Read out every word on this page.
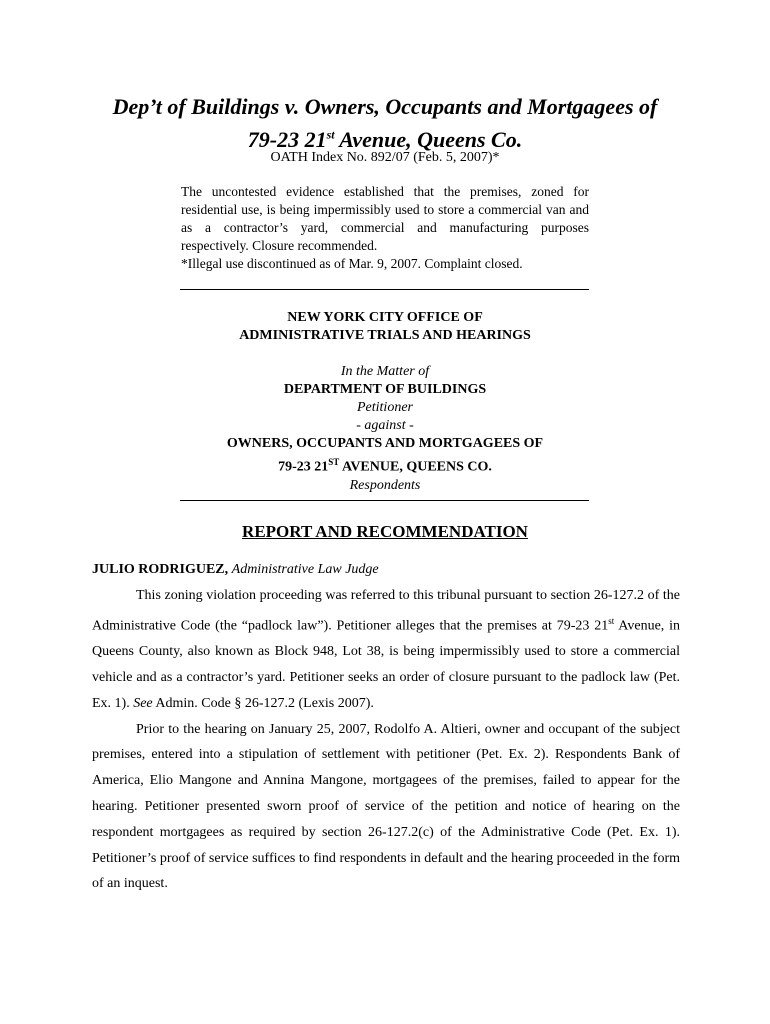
Dep’t of Buildings v. Owners, Occupants and Mortgagees of
79-23 21st Avenue, Queens Co.

OATH Index No. 892/07 (Feb. 5, 2007)*

The uncontested evidence established that the premises, zoned for residential use, is being impermissibly used to store a commercial van and as a contractor’s yard, commercial and manufacturing purposes respectively. Closure recommended.

*Illegal use discontinued as of Mar. 9, 2007. Complaint closed.

NEW YORK CITY OFFICE OF

ADMINISTRATIVE TRIALS AND HEARINGS

In the Matter of

DEPARTMENT OF BUILDINGS

Petitioner

- against -

OWNERS, OCCUPANTS AND MORTGAGEES OF

79-23 21ST AVENUE, QUEENS CO.

Respondents

REPORT AND RECOMMENDATION

JULIO RODRIGUEZ, Administrative Law Judge

This zoning violation proceeding was referred to this tribunal pursuant to section 26-127.2 of the Administrative Code (the “padlock law”). Petitioner alleges that the premises at 79-23 21st Avenue, in Queens County, also known as Block 948, Lot 38, is being impermissibly used to store a commercial vehicle and as a contractor’s yard. Petitioner seeks an order of closure pursuant to the padlock law (Pet. Ex. 1). See Admin. Code § 26-127.2 (Lexis 2007).

Prior to the hearing on January 25, 2007, Rodolfo A. Altieri, owner and occupant of the subject premises, entered into a stipulation of settlement with petitioner (Pet. Ex. 2). Respondents Bank of America, Elio Mangone and Annina Mangone, mortgagees of the premises, failed to appear for the hearing. Petitioner presented sworn proof of service of the petition and notice of hearing on the respondent mortgagees as required by section 26-127.2(c) of the Administrative Code (Pet. Ex. 1). Petitioner’s proof of service suffices to find respondents in default and the hearing proceeded in the form of an inquest.
